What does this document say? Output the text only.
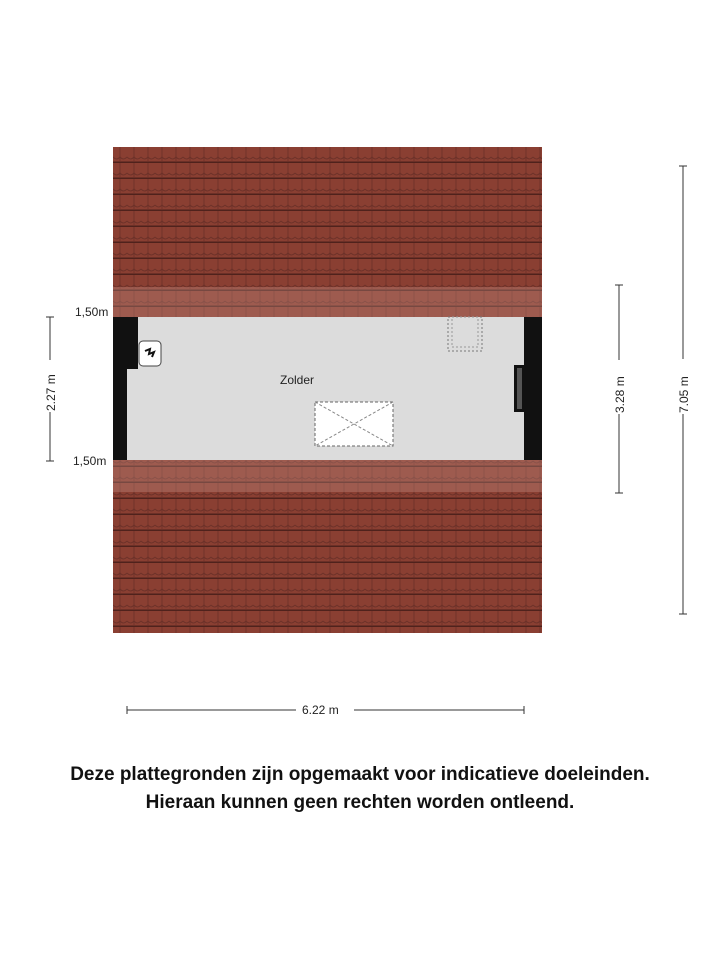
Zolder
1,50m
1,50m
2.27 m	3.28 m	7.05 m
6.22 m
Deze plattegronden zijn opgemaakt voor indicatieve doeleinden.
Hieraan kunnen geen rechten worden ontleend.
